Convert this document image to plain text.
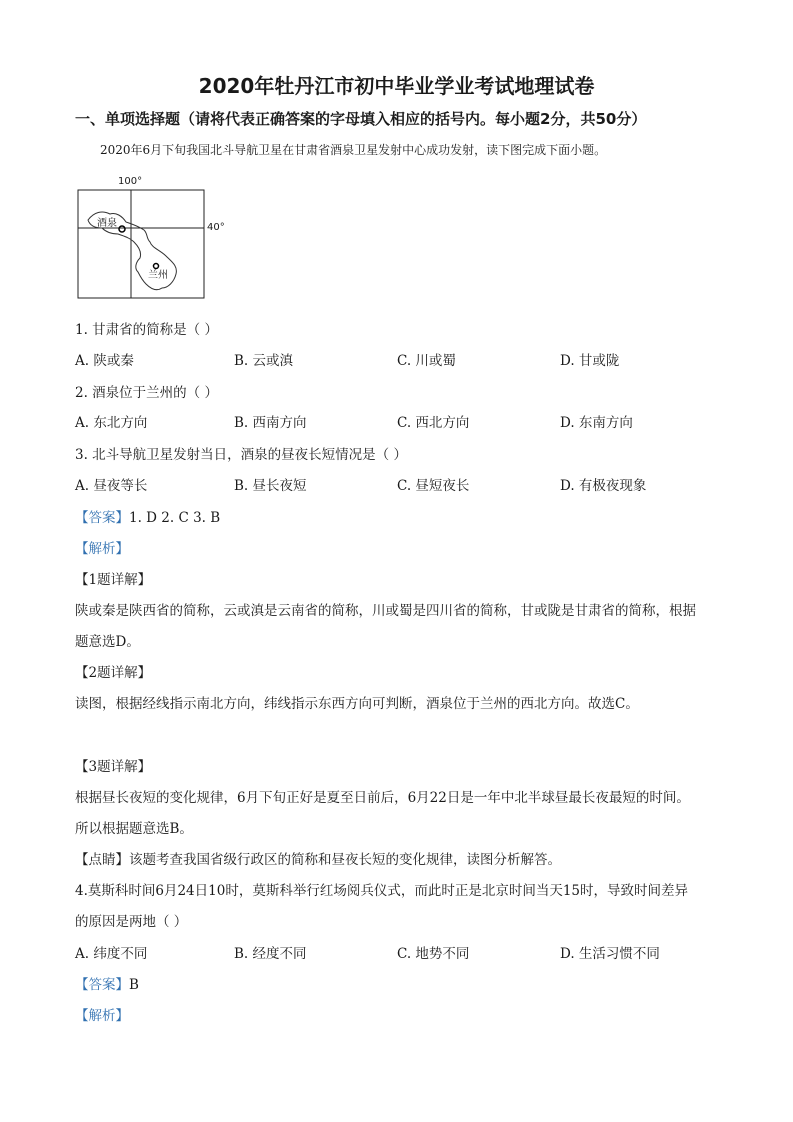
2020年牡丹江市初中毕业学业考试地理试卷
一、单项选择题（请将代表正确答案的字母填入相应的括号内。每小题2分，共50分）
2020年6月下旬我国北斗导航卫星在甘肃省酒泉卫星发射中心成功发射，读下图完成下面小题。
100°
40°
酒泉
兰州
1. 甘肃省的简称是（ ）
A. 陕或秦	B. 云或滇	C. 川或蜀	D. 甘或陇
2. 酒泉位于兰州的（ ）
A. 东北方向	B. 西南方向	C. 西北方向	D. 东南方向
3. 北斗导航卫星发射当日，酒泉的昼夜长短情况是（ ）
A. 昼夜等长	B. 昼长夜短	C. 昼短夜长	D. 有极夜现象
【答案】1. D 2. C 3. B
【解析】
【1题详解】
陕或秦是陕西省的简称，云或滇是云南省的简称，川或蜀是四川省的简称，甘或陇是甘肃省的简称，根据
题意选D。
【2题详解】
读图，根据经线指示南北方向，纬线指示东西方向可判断，酒泉位于兰州的西北方向。故选C。
【3题详解】
根据昼长夜短的变化规律，6月下旬正好是夏至日前后，6月22日是一年中北半球昼最长夜最短的时间。
所以根据题意选B。
【点睛】该题考查我国省级行政区的简称和昼夜长短的变化规律，读图分析解答。
4.莫斯科时间6月24日10时，莫斯科举行红场阅兵仪式，而此时正是北京时间当天15时，导致时间差异
的原因是两地（ ）
A. 纬度不同	B. 经度不同	C. 地势不同	D. 生活习惯不同
【答案】B
【解析】
